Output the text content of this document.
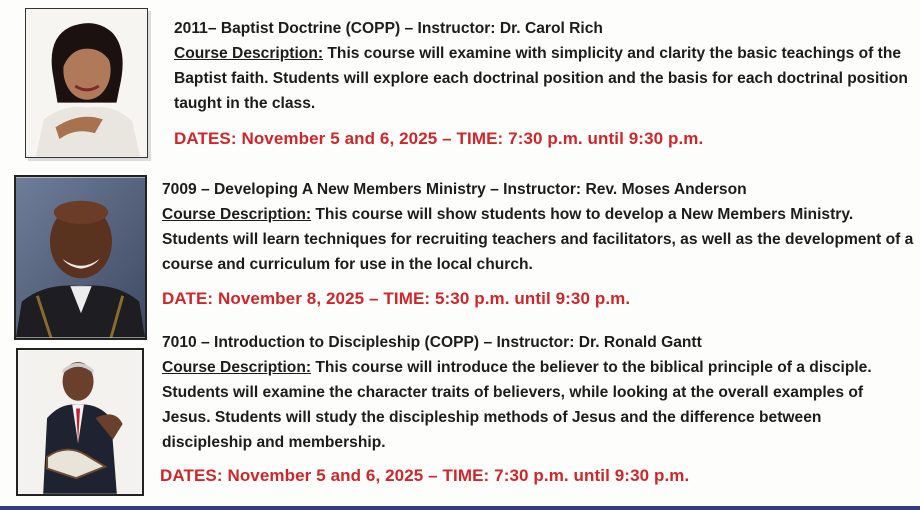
2011– Baptist Doctrine (COPP) – Instructor: Dr. Carol Rich
Course Description: This course will examine with simplicity and clarity the basic teachings of the Baptist faith. Students will explore each doctrinal position and the basis for each doctrinal position taught in the class.
DATES: November 5 and 6, 2025 – TIME: 7:30 p.m. until 9:30 p.m.
7009 – Developing A New Members Ministry – Instructor: Rev. Moses Anderson
Course Description: This course will show students how to develop a New Members Ministry. Students will learn techniques for recruiting teachers and facilitators, as well as the development of a course and curriculum for use in the local church.
DATE: November 8, 2025 – TIME: 5:30 p.m. until 9:30 p.m.
7010 – Introduction to Discipleship (COPP) – Instructor: Dr. Ronald Gantt
Course Description: This course will introduce the believer to the biblical principle of a disciple. Students will examine the character traits of believers, while looking at the overall examples of Jesus. Students will study the discipleship methods of Jesus and the difference between discipleship and membership.
DATES: November 5 and 6, 2025 – TIME: 7:30 p.m. until 9:30 p.m.
